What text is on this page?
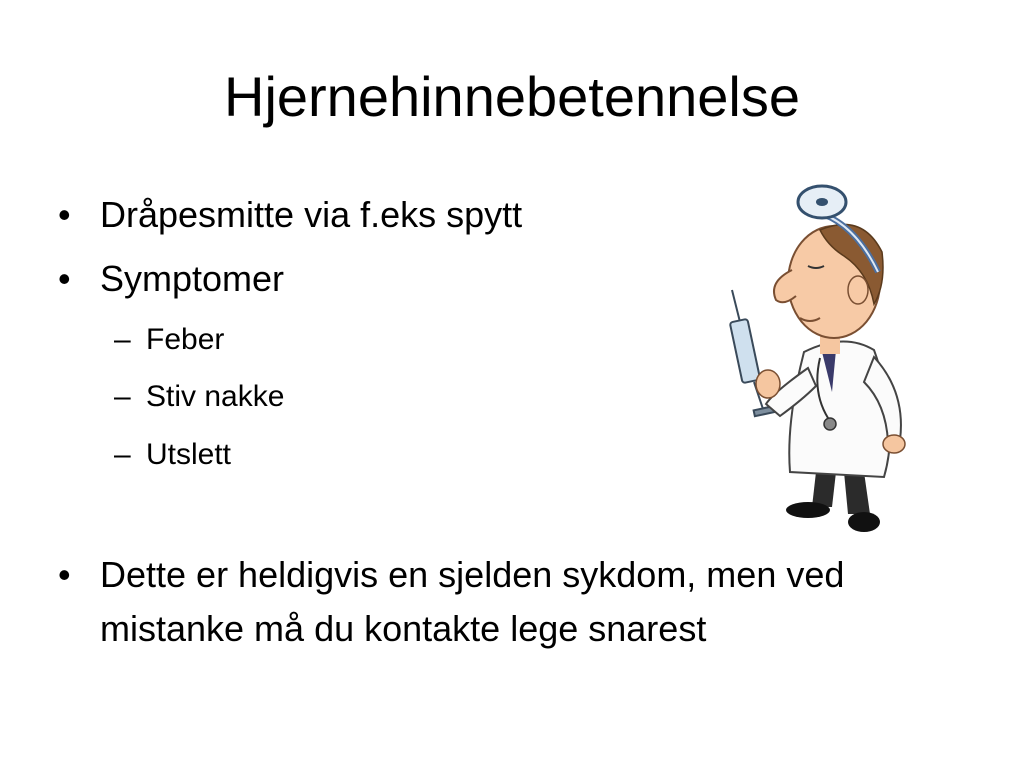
Hjernehinnebetennelse
• Dråpesmitte via f.eks spytt
• Symptomer
– Feber
– Stiv nakke
– Utslett
• Dette er heldigvis en sjelden sykdom, men ved mistanke må du kontakte lege snarest
